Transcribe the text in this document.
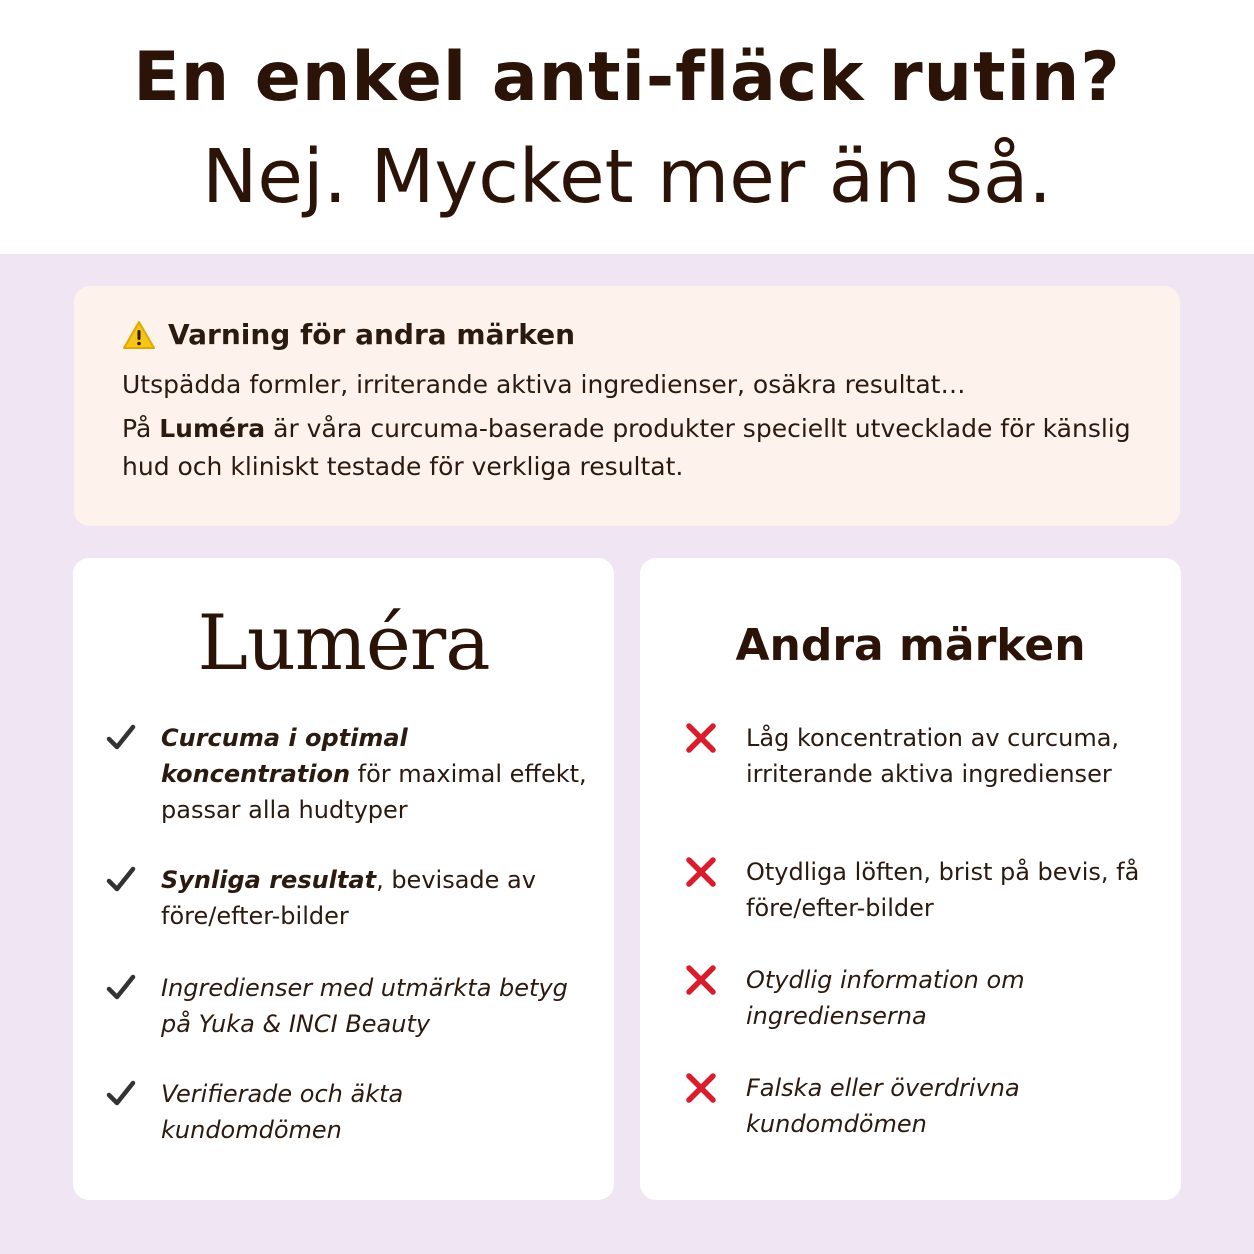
En enkel anti-fläck rutin?
Nej. Mycket mer än så.
Varning för andra märken
Utspädda formler, irriterande aktiva ingredienser, osäkra resultat…
På Luméra är våra curcuma-baserade produkter speciellt utvecklade för känslig hud och kliniskt testade för verkliga resultat.
Luméra
Curcuma i optimal koncentration för maximal effekt, passar alla hudtyper
Synliga resultat, bevisade av före/efter-bilder
Ingredienser med utmärkta betyg på Yuka & INCI Beauty
Verifierade och äkta kundomdömen
Andra märken
Låg koncentration av curcuma, irriterande aktiva ingredienser
Otydliga löften, brist på bevis, få före/efter-bilder
Otydlig information om ingredienserna
Falska eller överdrivna kundomdömen
